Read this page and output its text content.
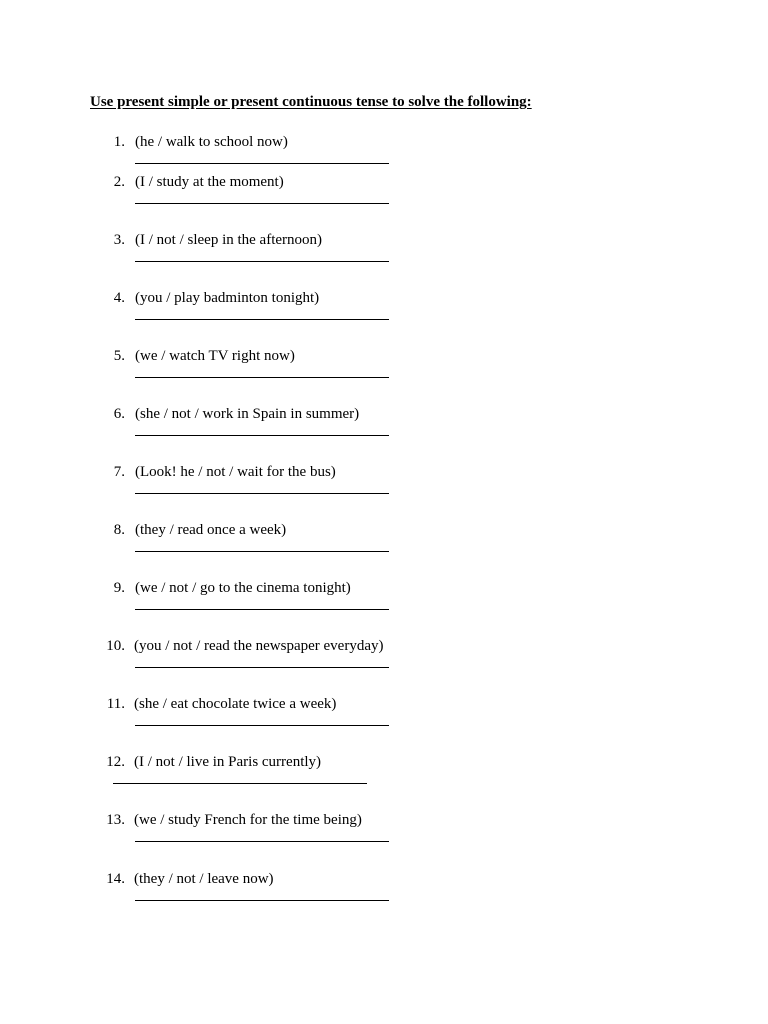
Use present simple or present continuous tense to solve the following:
1. (he / walk to school now)
2. (I / study at the moment)
3. (I / not / sleep in the afternoon)
4. (you / play badminton tonight)
5. (we / watch TV right now)
6. (she / not / work in Spain in summer)
7. (Look! he / not / wait for the bus)
8. (they / read once a week)
9. (we / not / go to the cinema tonight)
10. (you / not / read the newspaper everyday)
11. (she / eat chocolate twice a week)
12. (I / not / live in Paris currently)
13. (we / study French for the time being)
14. (they / not / leave now)
